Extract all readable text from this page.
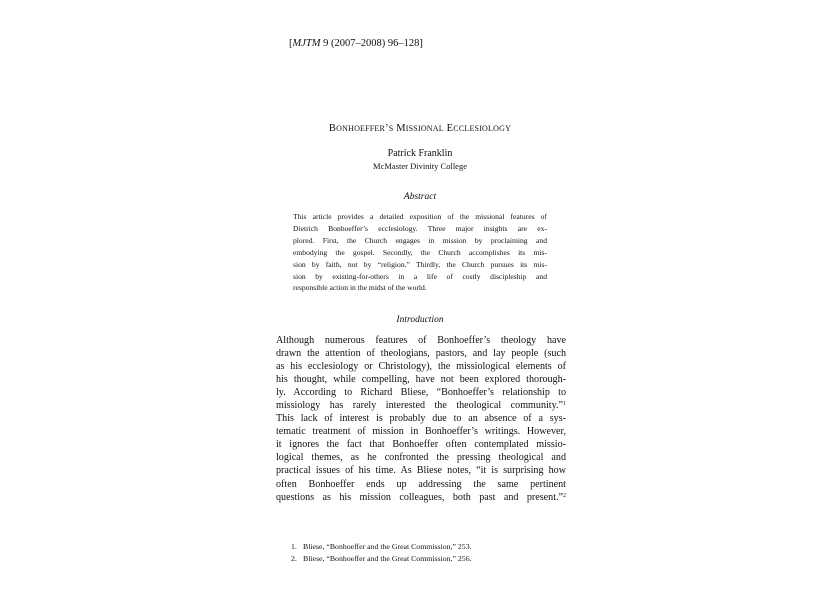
[MJTM 9 (2007–2008) 96–128]
BONHOEFFER’S MISSIONAL ECCLESIOLOGY
Patrick Franklin
McMaster Divinity College
Abstract
This article provides a detailed exposition of the missional features of
Dietrich Bonhoeffer’s ecclesiology. Three major insights are ex-
plored. First, the Church engages in mission by proclaiming and
embodying the gospel. Secondly, the Church accomplishes its mis-
sion by faith, not by “religion.” Thirdly, the Church pursues its mis-
sion by existing-for-others in a life of costly discipleship and
responsible action in the midst of the world.
Introduction
Although numerous features of Bonhoeffer’s theology have
drawn the attention of theologians, pastors, and lay people (such
as his ecclesiology or Christology), the missiological elements of
his thought, while compelling, have not been explored thorough-
ly. According to Richard Bliese, “Bonhoeffer’s relationship to
missiology has rarely interested the theological community.”$^1$
This lack of interest is probably due to an absence of a sys-
tematic treatment of mission in Bonhoeffer’s writings. However,
it ignores the fact that Bonhoeffer often contemplated missio-
logical themes, as he confronted the pressing theological and
practical issues of his time. As Bliese notes, “it is surprising how
often Bonhoeffer ends up addressing the same pertinent
questions as his mission colleagues, both past and present.”$^2$
1. Bliese, “Bonhoeffer and the Great Commission,” 253.
2. Bliese, “Bonhoeffer and the Great Commission,” 256.
